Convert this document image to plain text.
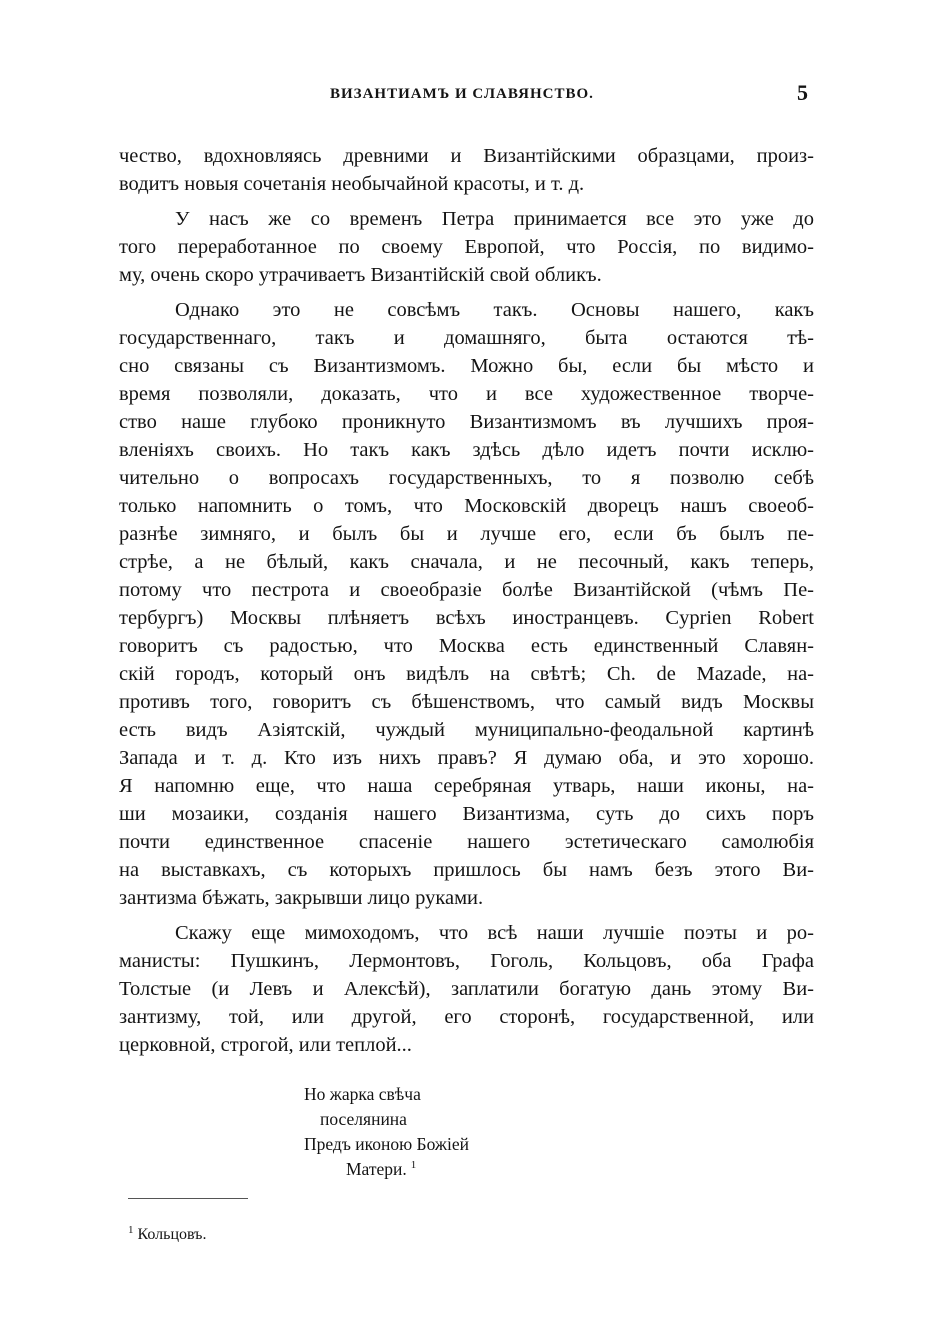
ВИЗАНТИАМЪ И СЛАВЯНСТВО.	5

чество, вдохновляясь древними и Византійскими образцами, произ-
водитъ новыя сочетанія необычайной красоты, и т. д.

У насъ же со временъ Петра принимается все это уже до
того переработанное по своему Европой, что Россія, по видимо-
му, очень скоро утрачиваетъ Византійскій свой обликъ.

Однако это не совсѣмъ такъ. Основы нашего, какъ
государственнаго, такъ и домашняго, быта остаются тѣ-
сно связаны съ Византизмомъ. Можно бы, если бы мѣсто и
время позволяли, доказать, что и все художественное творче-
ство наше глубоко проникнуто Византизмомъ въ лучшихъ проя-
вленіяхъ своихъ. Но такъ какъ здѣсь дѣло идетъ почти исклю-
чительно о вопросахъ государственныхъ, то я позволю себѣ
только напомнить о томъ, что Московскій дворецъ нашъ своеоб-
разнѣе зимняго, и былъ бы и лучше его, если бъ былъ пе-
стрѣе, а не бѣлый, какъ сначала, и не песочный, какъ теперь,
потому что пестрота и своеобразіе болѣе Византійской (чѣмъ Пе-
тербургъ) Москвы плѣняетъ всѣхъ иностранцевъ. Cyprien Robert
говоритъ съ радостью, что Москва есть единственный Славян-
скій городъ, который онъ видѣлъ на свѣтѣ; Ch. de Mazade, на-
противъ того, говоритъ съ бѣшенствомъ, что самый видъ Москвы
есть видъ Азіятскій, чуждый муниципально-феодальной картинѣ
Запада и т. д. Кто изъ нихъ правъ? Я думаю оба, и это хорошо.
Я напомню еще, что наша серебряная утварь, наши иконы, на-
ши мозаики, созданія нашего Византизма, суть до сихъ поръ
почти единственное спасеніе нашего эстетическаго самолюбія
на выставкахъ, съ которыхъ пришлось бы намъ безъ этого Ви-
зантизма бѣжать, закрывши лицо руками.

Скажу еще мимоходомъ, что всѣ наши лучшіе поэты и ро-
манисты: Пушкинъ, Лермонтовъ, Гоголь, Кольцовъ, оба Графа
Толстые (и Левъ и Алексѣй), заплатили богатую дань этому Ви-
зантизму, той, или другой, его сторонѣ, государственной, или
церковной, строгой, или теплой...

Но жарка свѣча
поселянина
Предъ иконою Божіей
Матери. $^1$
$^1$ Кольцовъ.
